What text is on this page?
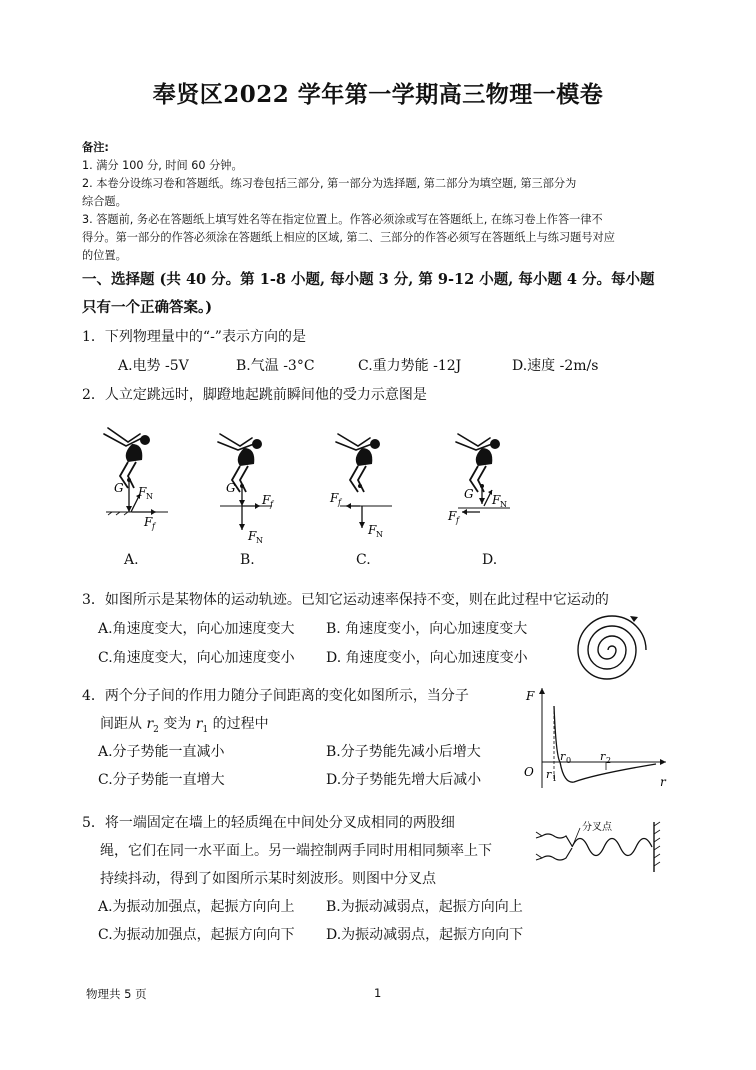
奉贤区2022 学年第一学期高三物理一模卷
备注:
1. 满分 100 分, 时间 60 分钟。
2. 本卷分设练习卷和答题纸。练习卷包括三部分, 第一部分为选择题, 第二部分为填空题, 第三部分为
综合题。
3. 答题前, 务必在答题纸上填写姓名等在指定位置上。作答必须涂或写在答题纸上, 在练习卷上作答一律不
得分。第一部分的作答必须涂在答题纸上相应的区域, 第二、三部分的作答必须写在答题纸上与练习题号对应
的位置。
一、选择题 (共 40 分。第 1-8 小题, 每小题 3 分, 第 9-12 小题, 每小题 4 分。每小题
只有一个正确答案。)
1．下列物理量中的“-”表示方向的是
A.电势 -5V	B.气温 -3°C	C.重力势能 -12J	D.速度 -2m/s
2．人立定跳远时，脚蹬地起跳前瞬间他的受力示意图是
G F N
F f
A.
G
F f
F N
B.
F f
F N
C.
G F N
F f
D.
3．如图所示是某物体的运动轨迹。已知它运动速率保持不变，则在此过程中它运动的
A.角速度变大，向心加速度变大 B. 角速度变小，向心加速度变大
C.角速度变大，向心加速度变小 D. 角速度变小，向心加速度变小
4．两个分子间的作用力随分子间距离的变化如图所示，当分子
间距从 $r_2$ 变为 $r_1$ 的过程中
A.分子势能一直减小	B.分子势能先减小后增大
C.分子势能一直增大	D.分子势能先增大后减小
F
O
r
r 0
r 1
r 2
5．将一端固定在墙上的轻质绳在中间处分叉成相同的两股细
绳，它们在同一水平面上。另一端控制两手同时用相同频率上下
持续抖动，得到了如图所示某时刻波形。则图中分叉点
A.为振动加强点，起振方向向上 B.为振动减弱点，起振方向向上
C.为振动加强点，起振方向向下 D.为振动减弱点，起振方向向下
分叉点
物理共 5 页	1
